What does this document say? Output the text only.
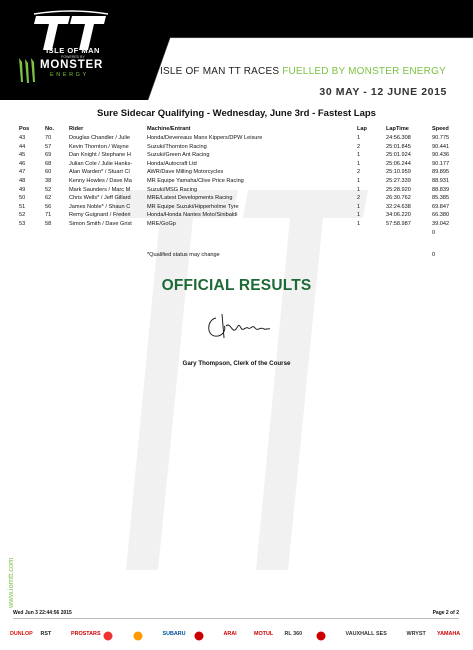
ISLE OF MAN
POWERED BY
MONSTER
ENERGY	ISLE OF MAN TT RACES FUELLED BY MONSTER ENERGY
30 MAY - 12 JUNE 2015
Sure Sidecar Qualifying - Wednesday, June 3rd - Fastest Laps
www.iomtt.com
Pos	No.	Rider	Machine/Entrant	Lap	LapTime	Speed
43	70	Douglas Chandler / Julie	Honda/Devereaus Manx Kippers/DPW Leisure	1	24:56.308	90.775
44	57	Kevin Thornton / Wayne	Suzuki/Thornton Racing	2	25:01.845	90.441
45	69	Dan Knight / Stephane H	Suzuki/Green Ant Racing	1	25:01.924	90.436
46	68	Julian Cole / Julie Hanks-	Honda/Autocraft Ltd	1	25:06.244	90.177
47	60	Alan Warden* / Stuart Cl	AWR/Dave Milling Motorcycles	2	25:10.959	89.895
48	38	Kenny Howles / Dave Ma	MR Equipe Yamaha/Clive Price Racing	1	25:27.339	88.931
49	52	Mark Saunders / Marc M	Suzuki/MSG Racing	1	25:28.920	88.839
50	62	Chris Wells* / Jeff Gillard	MRE/Latest Developments Racing	2	26:30.762	85.385
51	56	James Noble* / Shaun C	MR Equipe Suzuki/Hipperholme Tyre	1	32:24.638	69.847
52	71	Remy Guignard / Frederi	Honda/Honda Nantes Moto/Sinibaldi	1	34:06.220	66.380
53	58	Simon Smith / Dave Grist	MRE/GoGp	1	57:58.987	39.042
0
*Qualified status may change	0
OFFICIAL RESULTS
Gary Thompson, Clerk of the Course
Wed Jun 3 22:44:56 2015	Page 2 of 2
DUNLOP RST	PROSTARS	SUBARU	ARAI	MOTUL RL 360	VAUXHALL SES	WRYST YAMAHA
